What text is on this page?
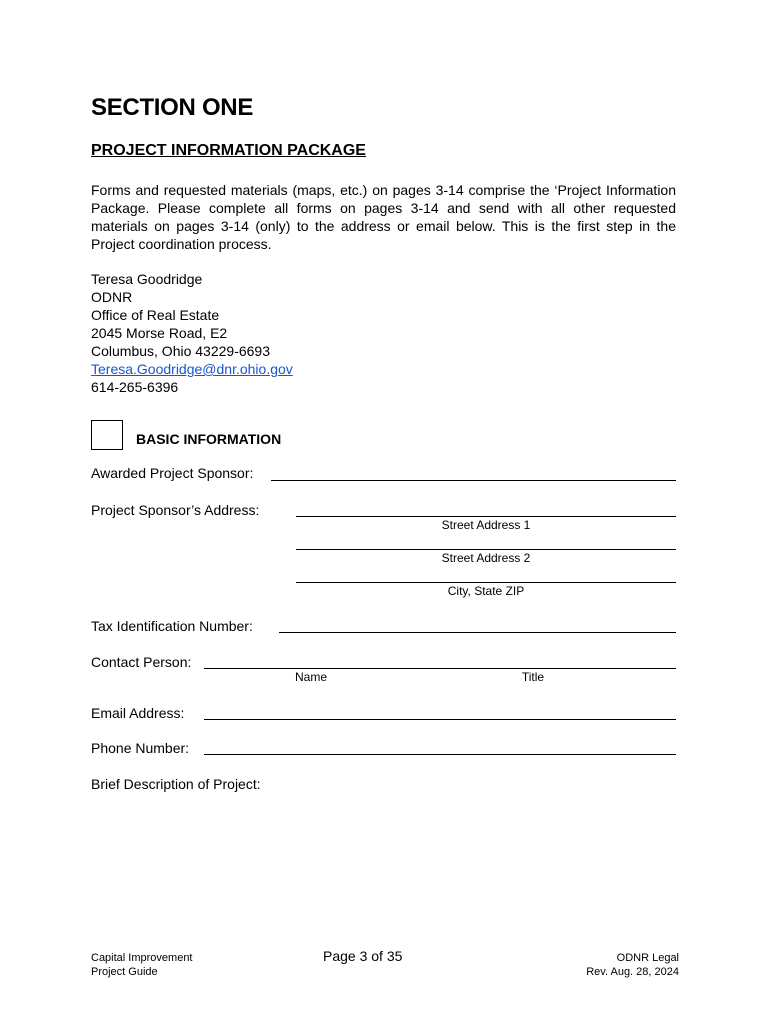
SECTION ONE
PROJECT INFORMATION PACKAGE
Forms and requested materials (maps, etc.) on pages 3-14 comprise the ‘Project Information Package. Please complete all forms on pages 3-14 and send with all other requested materials on pages 3-14 (only) to the address or email below. This is the first step in the Project coordination process.
Teresa Goodridge
ODNR
Office of Real Estate
2045 Morse Road, E2
Columbus, Ohio 43229-6693
Teresa.Goodridge@dnr.ohio.gov
614-265-6396
BASIC INFORMATION
Awarded Project Sponsor:
Project Sponsor’s Address:
Street Address 1
Street Address 2
City, State ZIP
Tax Identification Number:
Contact Person:
Name	Title
Email Address:
Phone Number:
Brief Description of Project:
Capital Improvement
Project Guide
Page 3 of 35	ODNR Legal
Rev. Aug. 28, 2024
